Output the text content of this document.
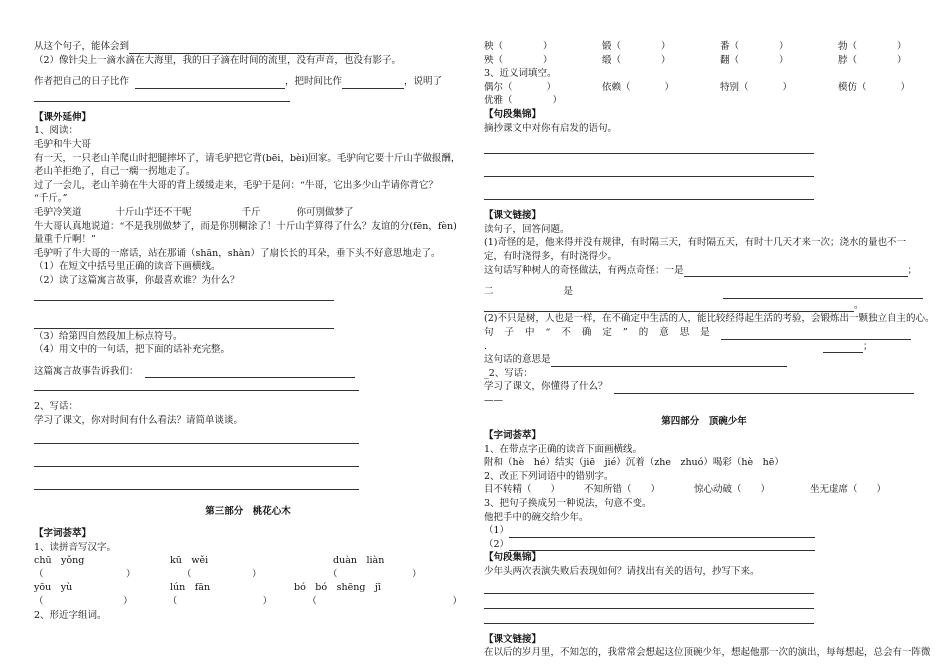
从这个句子，能体会到
（2）像针尖上一滴水滴在大海里，我的日子滴在时间的流里，没有声音，也没有影子。
作者把自己的日子比作	，把时间比作	，说明了
【课外延伸】
1、阅读：
毛驴和牛大哥
有一天，一只老山羊爬山时把腿摔坏了，请毛驴把它背(bēi，bèi)回家。毛驴向它要十斤山芋做报酬，老山羊拒绝了，自己一瘸一拐地走了。
过了一会儿，老山羊骑在牛大哥的背上缓缓走来，毛驴于是问：“牛哥，它出多少山芋请你背它？
“千斤。”
毛驴冷笑道	十斤山芋还不干呢	千斤	你可別做梦了
牛大哥认真地说道：“不是我別做梦了，而是你別糊涂了！十斤山芋算得了什么？友谊的分(fēn，fèn)量重千斤啊！”
毛驴听了牛大哥的一席话，站在那诵（shān，shàn）了扇长长的耳朵，垂下头不好意思地走了。
（1）在短文中括号里正确的读音下画横线。
（2）读了这篇寓言故事，你最喜欢谁？为什么？
（3）给第四自然段加上标点符号。
（4）用文中的一句话，把下面的话补充完整。
这篇寓言故事告诉我们：
2、写话：
学习了课文，你对时间有什么看法？请简单谈谈。
第三部分　桃花心木
【字词荟萃】
1、读拼音写汉字。
chū　yǒng	kū　wěi	duàn　liàn
（	）	（	）	（	）
yōu　yù	lún　fān	bó　bó　shēng　jī
（	）	（	）	（	）
2、形近字组词。
秧（	）	锻（	）	番（	）	勃（	）
殃（	）	缎（	）	翻（	）	脖（	）
3、近义词填空。
偶尔（	）	依赖（	）	特别（	）	模仿（	）
优雅（	）
【句段集锦】
摘抄课文中对你有启发的语句。
【课文链接】
读句子，回答问题。
(1)奇怪的是，他来得并没有规律，有时隔三天，有时隔五天，有时十几天才来一次；浇水的量也不一定，有时浇得多，有时浇得少。
这句话写种树人的奇怪做法，有两点奇怪：一是	；
二	是
。
(2)不只是树，人也是一样，在不确定中生活的人，能比较经得起生活的考验，会锻炼出一颗独立自主的心。
句子中“不确定”的意思是
.	；
这句话的意思是
_2、写话：
学习了课文，你懂得了什么？
——
第四部分　顶碗少年
【字词荟萃】
1、在带点字正确的读音下面画横线。
附和（hè　hé）结实（jiē　jié）沉着（zhe　zhuó）喝彩（hè　hē）
2、改正下列词语中的错别字。
目不转精（　　）	不知所错（　　）	惊心动破（　　）	坐无虚席（　　）
3、把句子换成另一种说法，句意不变。
他把手中的碗交给少年。
（1）
（2）
【句段集锦】
少年头两次表演失败后表现如何？请找出有关的语句，抄写下来。
【课文链接】
在以后的岁月里，不知怎的，我常常会想起这位顶碗少年，想起他那一次的演出，每每想起，总会有一阵微
